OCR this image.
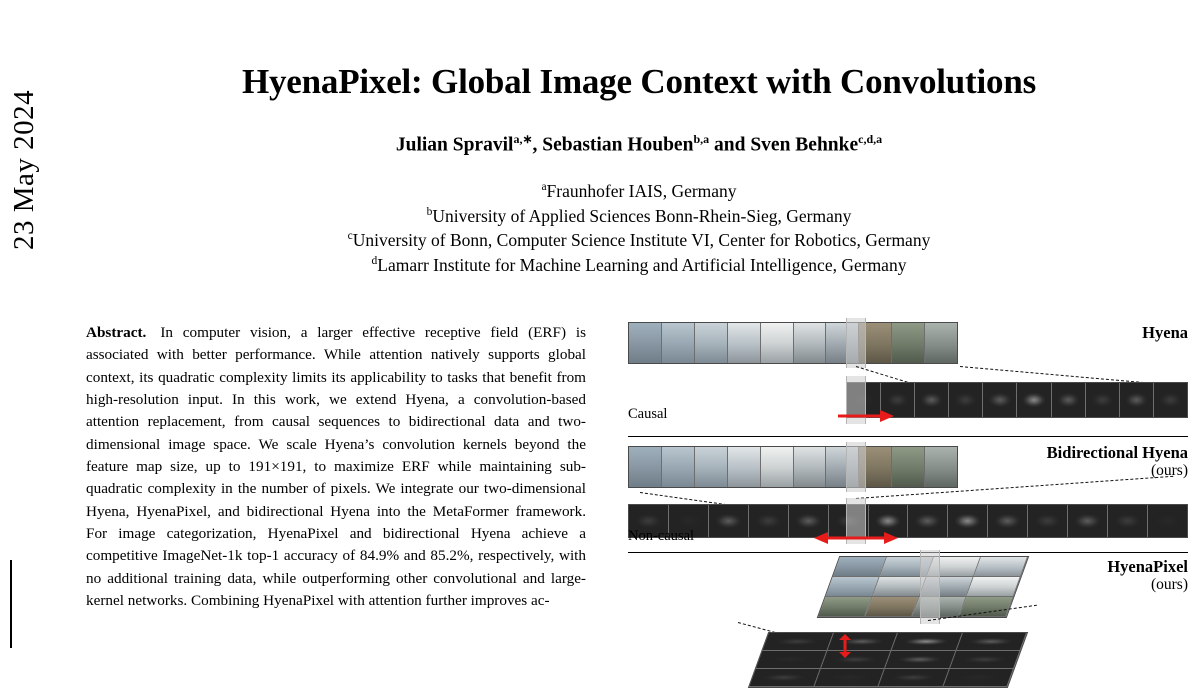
23 May 2024
HyenaPixel: Global Image Context with Convolutions
Julian Spravil$^{a,∗}$, Sebastian Houben$^{b,a}$ and Sven Behnke$^{c,d,a}$
$^a$Fraunhofer IAIS, Germany
$^b$University of Applied Sciences Bonn-Rhein-Sieg, Germany
$^c$University of Bonn, Computer Science Institute VI, Center for Robotics, Germany
$^d$Lamarr Institute for Machine Learning and Artificial Intelligence, Germany
Abstract. In computer vision, a larger effective receptive field (ERF) is associated with better performance. While attention natively supports global context, its quadratic complexity limits its applicability to tasks that benefit from high-resolution input. In this work, we extend Hyena, a convolution-based attention replacement, from causal sequences to bidirectional data and two-dimensional image space. We scale Hyena’s convolution kernels beyond the feature map size, up to 191×191, to maximize ERF while maintaining sub-quadratic complexity in the number of pixels. We integrate our two-dimensional Hyena, HyenaPixel, and bidirectional Hyena into the MetaFormer framework. For image categorization, HyenaPixel and bidirectional Hyena achieve a competitive ImageNet-1k top-1 accuracy of 84.9% and 85.2%, respectively, with no additional training data, while outperforming other convolutional and large-kernel networks. Combining HyenaPixel with attention further improves ac-
Hyena
Causal
Bidirectional Hyena
(ours)
Non-causal
HyenaPixel
(ours)
